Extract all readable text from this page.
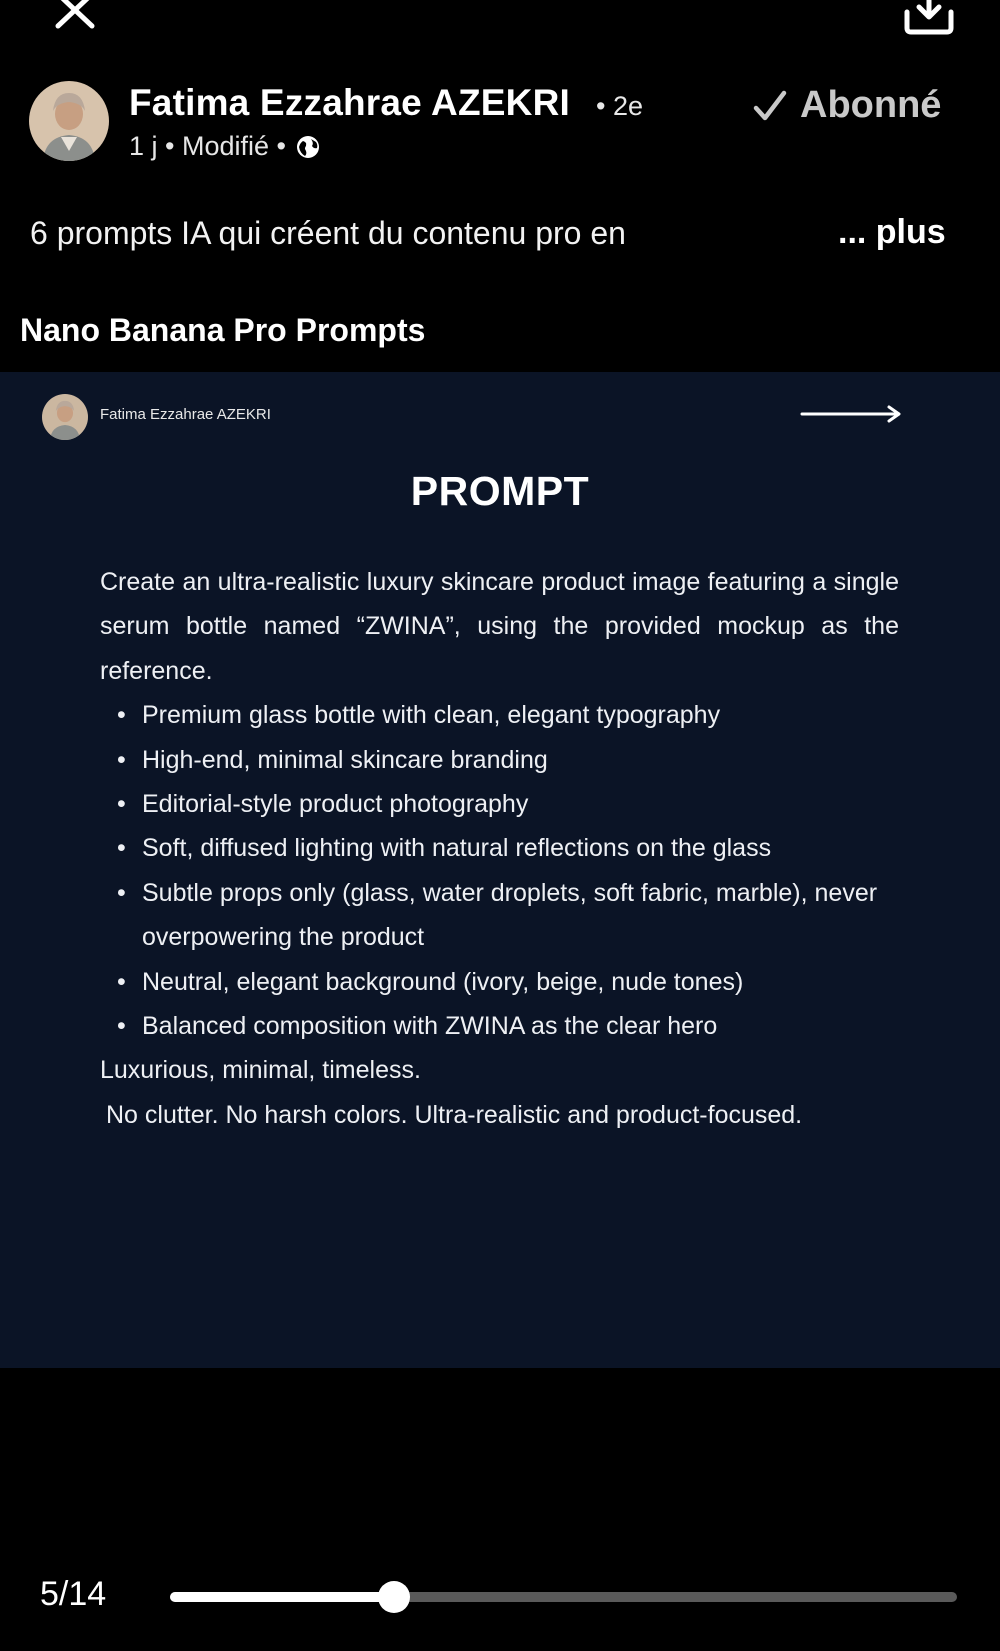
Fatima Ezzahrae AZEKRI • 2e
1 j • Modifié •
Abonné
6 prompts IA qui créent du contenu pro en	... plus
Nano Banana Pro Prompts
Fatima Ezzahrae AZEKRI
PROMPT

Create an ultra-realistic luxury skincare product image featuring a single serum bottle named “ZWINA”, using the provided mockup as the reference.

• Premium glass bottle with clean, elegant typography
• High-end, minimal skincare branding
• Editorial-style product photography
• Soft, diffused lighting with natural reflections on the glass
• Subtle props only (glass, water droplets, soft fabric, marble), never overpowering the product
• Neutral, elegant background (ivory, beige, nude tones)
• Balanced composition with ZWINA as the clear hero

Luxurious, minimal, timeless.

No clutter. No harsh colors. Ultra-realistic and product-focused.

5/14
